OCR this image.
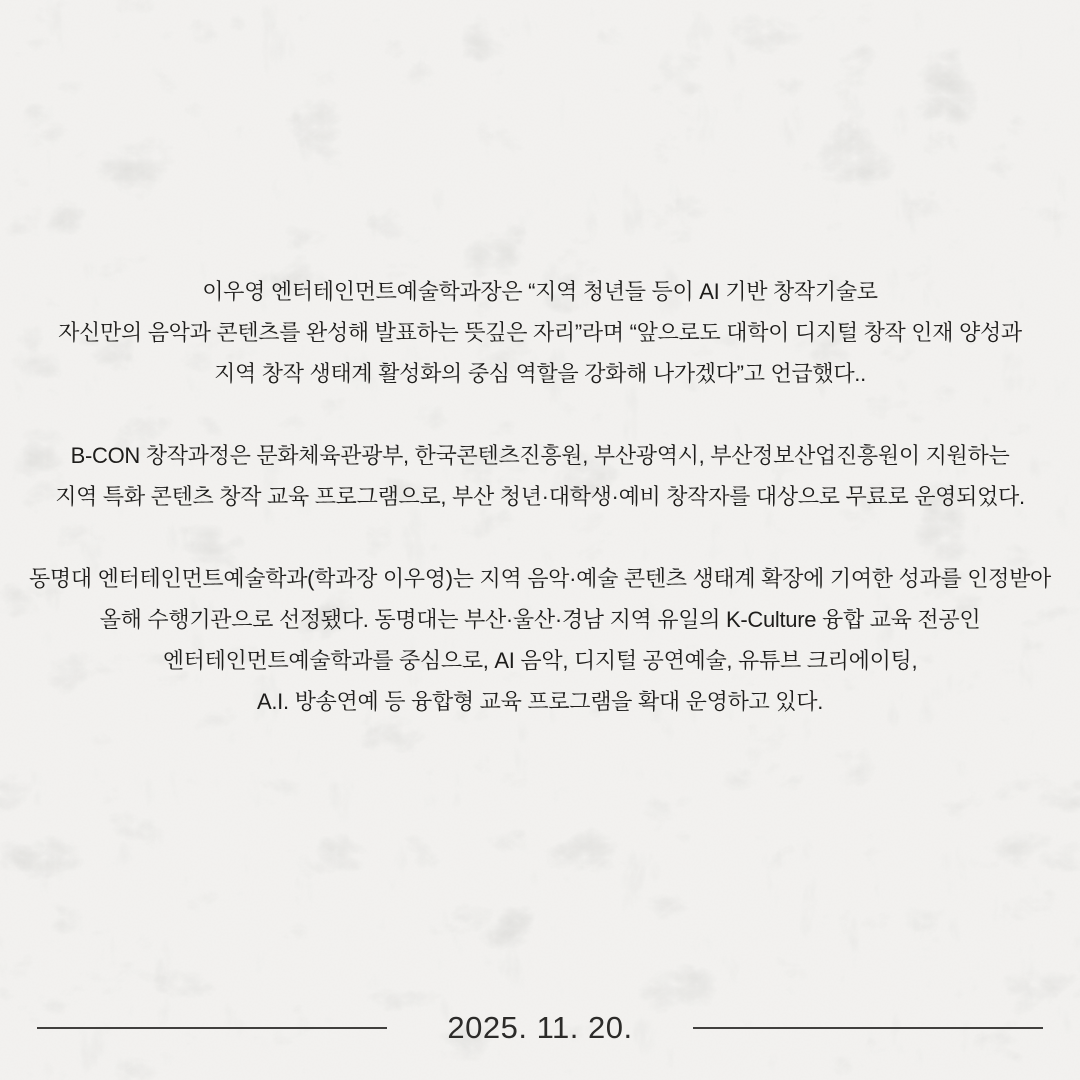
이우영 엔터테인먼트예술학과장은 “지역 청년들 등이 AI 기반 창작기술로
자신만의 음악과 콘텐츠를 완성해 발표하는 뜻깊은 자리”라며 “앞으로도 대학이 디지털 창작 인재 양성과
지역 창작 생태계 활성화의 중심 역할을 강화해 나가겠다”고 언급했다..

B-CON 창작과정은 문화체육관광부, 한국콘텐츠진흥원, 부산광역시, 부산정보산업진흥원이 지원하는
지역 특화 콘텐츠 창작 교육 프로그램으로, 부산 청년·대학생·예비 창작자를 대상으로 무료로 운영되었다.

동명대 엔터테인먼트예술학과(학과장 이우영)는 지역 음악·예술 콘텐츠 생태계 확장에 기여한 성과를 인정받아
올해 수행기관으로 선정됐다. 동명대는 부산·울산·경남 지역 유일의 K-Culture 융합 교육 전공인
엔터테인먼트예술학과를 중심으로, AI 음악, 디지털 공연예술, 유튜브 크리에이팅,
A.I. 방송연예 등 융합형 교육 프로그램을 확대 운영하고 있다.

2025. 11. 20.
